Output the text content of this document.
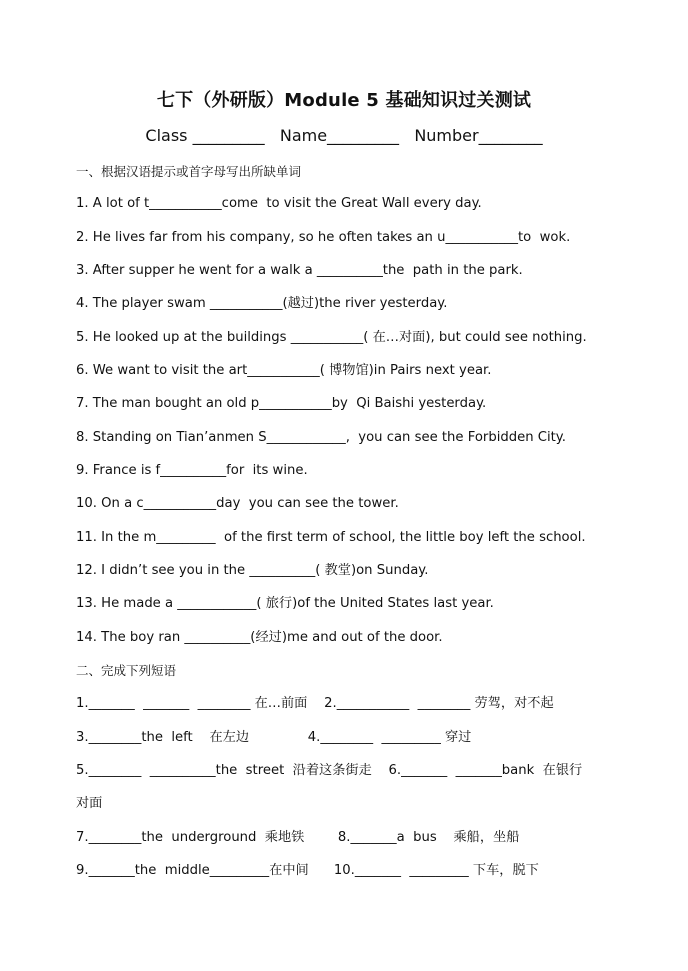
七下（外研版）Module 5 基础知识过关测试
Class _________ Name_________ Number________
一、根据汉语提示或首字母写出所缺单词
1. A lot of t___________come  to visit the Great Wall every day.
2. He lives far from his company, so he often takes an u___________to  wok.
3. After supper he went for a walk a __________the  path in the park.
4. The player swam ___________(越过)the river yesterday.
5. He looked up at the buildings ___________( 在…对面), but could see nothing.
6. We want to visit the art___________( 博物馆)in Pairs next year.
7. The man bought an old p___________by  Qi Baishi yesterday.
8. Standing on Tian’anmen S____________,  you can see the Forbidden City.
9. France is f__________for  its wine.
10. On a c___________day  you can see the tower.
11. In the m_________  of the first term of school, the little boy left the school.
12. I didn’t see you in the __________( 教堂)on Sunday.
13. He made a ____________( 旅行)of the United States last year.
14. The boy ran __________(经过)me and out of the door.
二、完成下列短语
1._______  _______  ________ 在…前面    2.___________  ________ 劳驾，对不起
3.________the  left    在左边              4.________  _________ 穿过
5.________  __________the  street  沿着这条街走    6._______  _______bank  在银行
对面
7.________the  underground  乘地铁        8._______a  bus    乘船，坐船
9._______the  middle_________在中间      10._______  _________ 下车，脱下
